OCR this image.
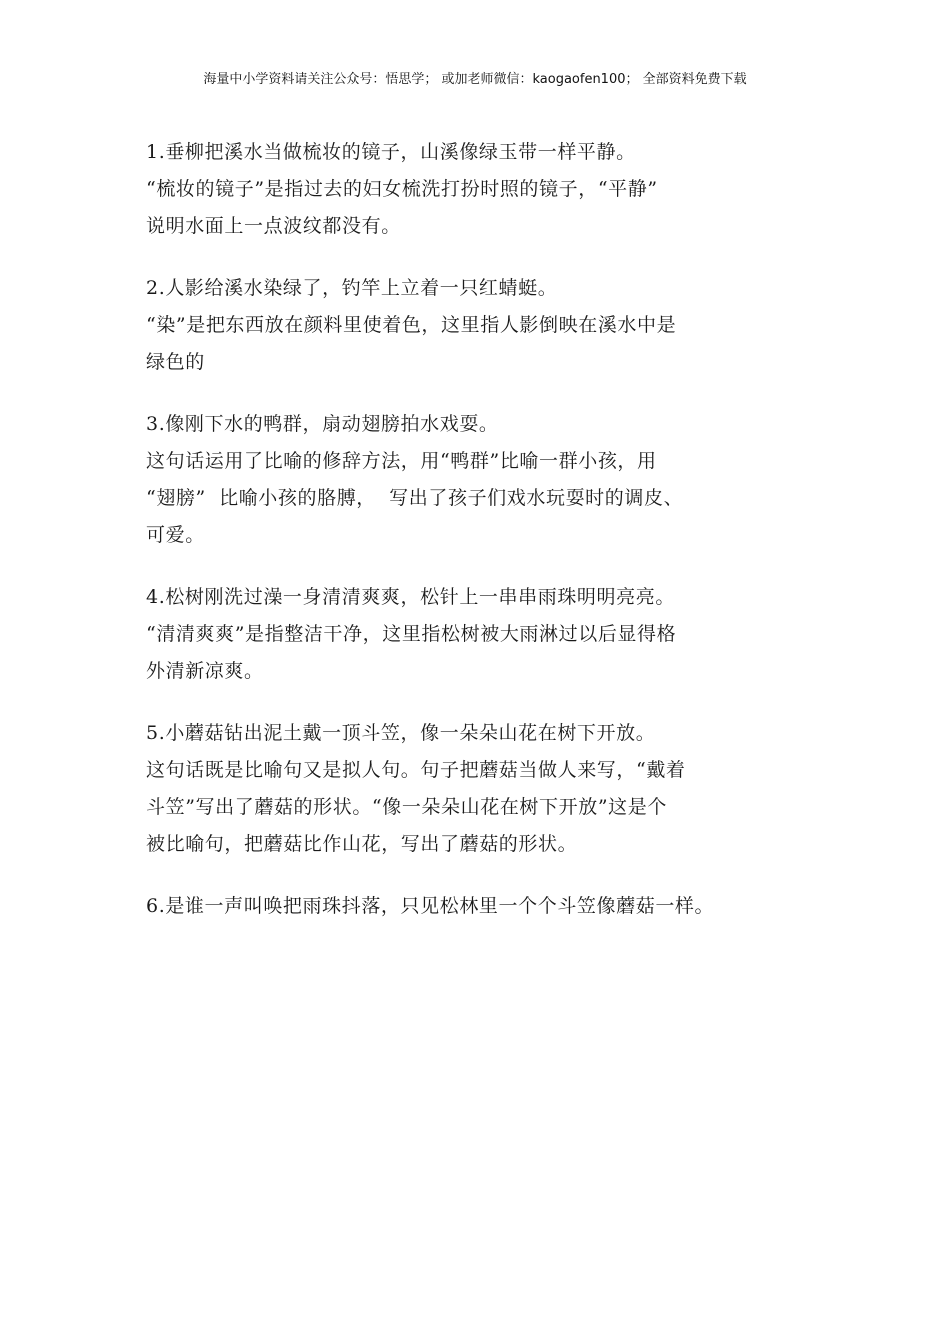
海量中小学资料请关注公众号：悟思学； 或加老师微信：kaogaofen100； 全部资料免费下载

1.垂柳把溪水当做梳妆的镜子，山溪像绿玉带一样平静。

“梳妆的镜子”是指过去的妇女梳洗打扮时照的镜子，“平静”

说明水面上一点波纹都没有。

2.人影给溪水染绿了，钓竿上立着一只红蜻蜓。

“染”是把东西放在颜料里使着色，这里指人影倒映在溪水中是

绿色的

3.像刚下水的鸭群，扇动翅膀拍水戏耍。

这句话运用了比喻的修辞方法，用“鸭群”比喻一群小孩，用

“翅膀”  比喻小孩的胳膊，  写出了孩子们戏水玩耍时的调皮、

可爱。

4.松树刚洗过澡一身清清爽爽，松针上一串串雨珠明明亮亮。

“清清爽爽”是指整洁干净，这里指松树被大雨淋过以后显得格

外清新凉爽。

5.小蘑菇钻出泥土戴一顶斗笠，像一朵朵山花在树下开放。

这句话既是比喻句又是拟人句。句子把蘑菇当做人来写，“戴着

斗笠”写出了蘑菇的形状。“像一朵朵山花在树下开放”这是个

被比喻句，把蘑菇比作山花，写出了蘑菇的形状。

6.是谁一声叫唤把雨珠抖落，只见松林里一个个斗笠像蘑菇一样。
